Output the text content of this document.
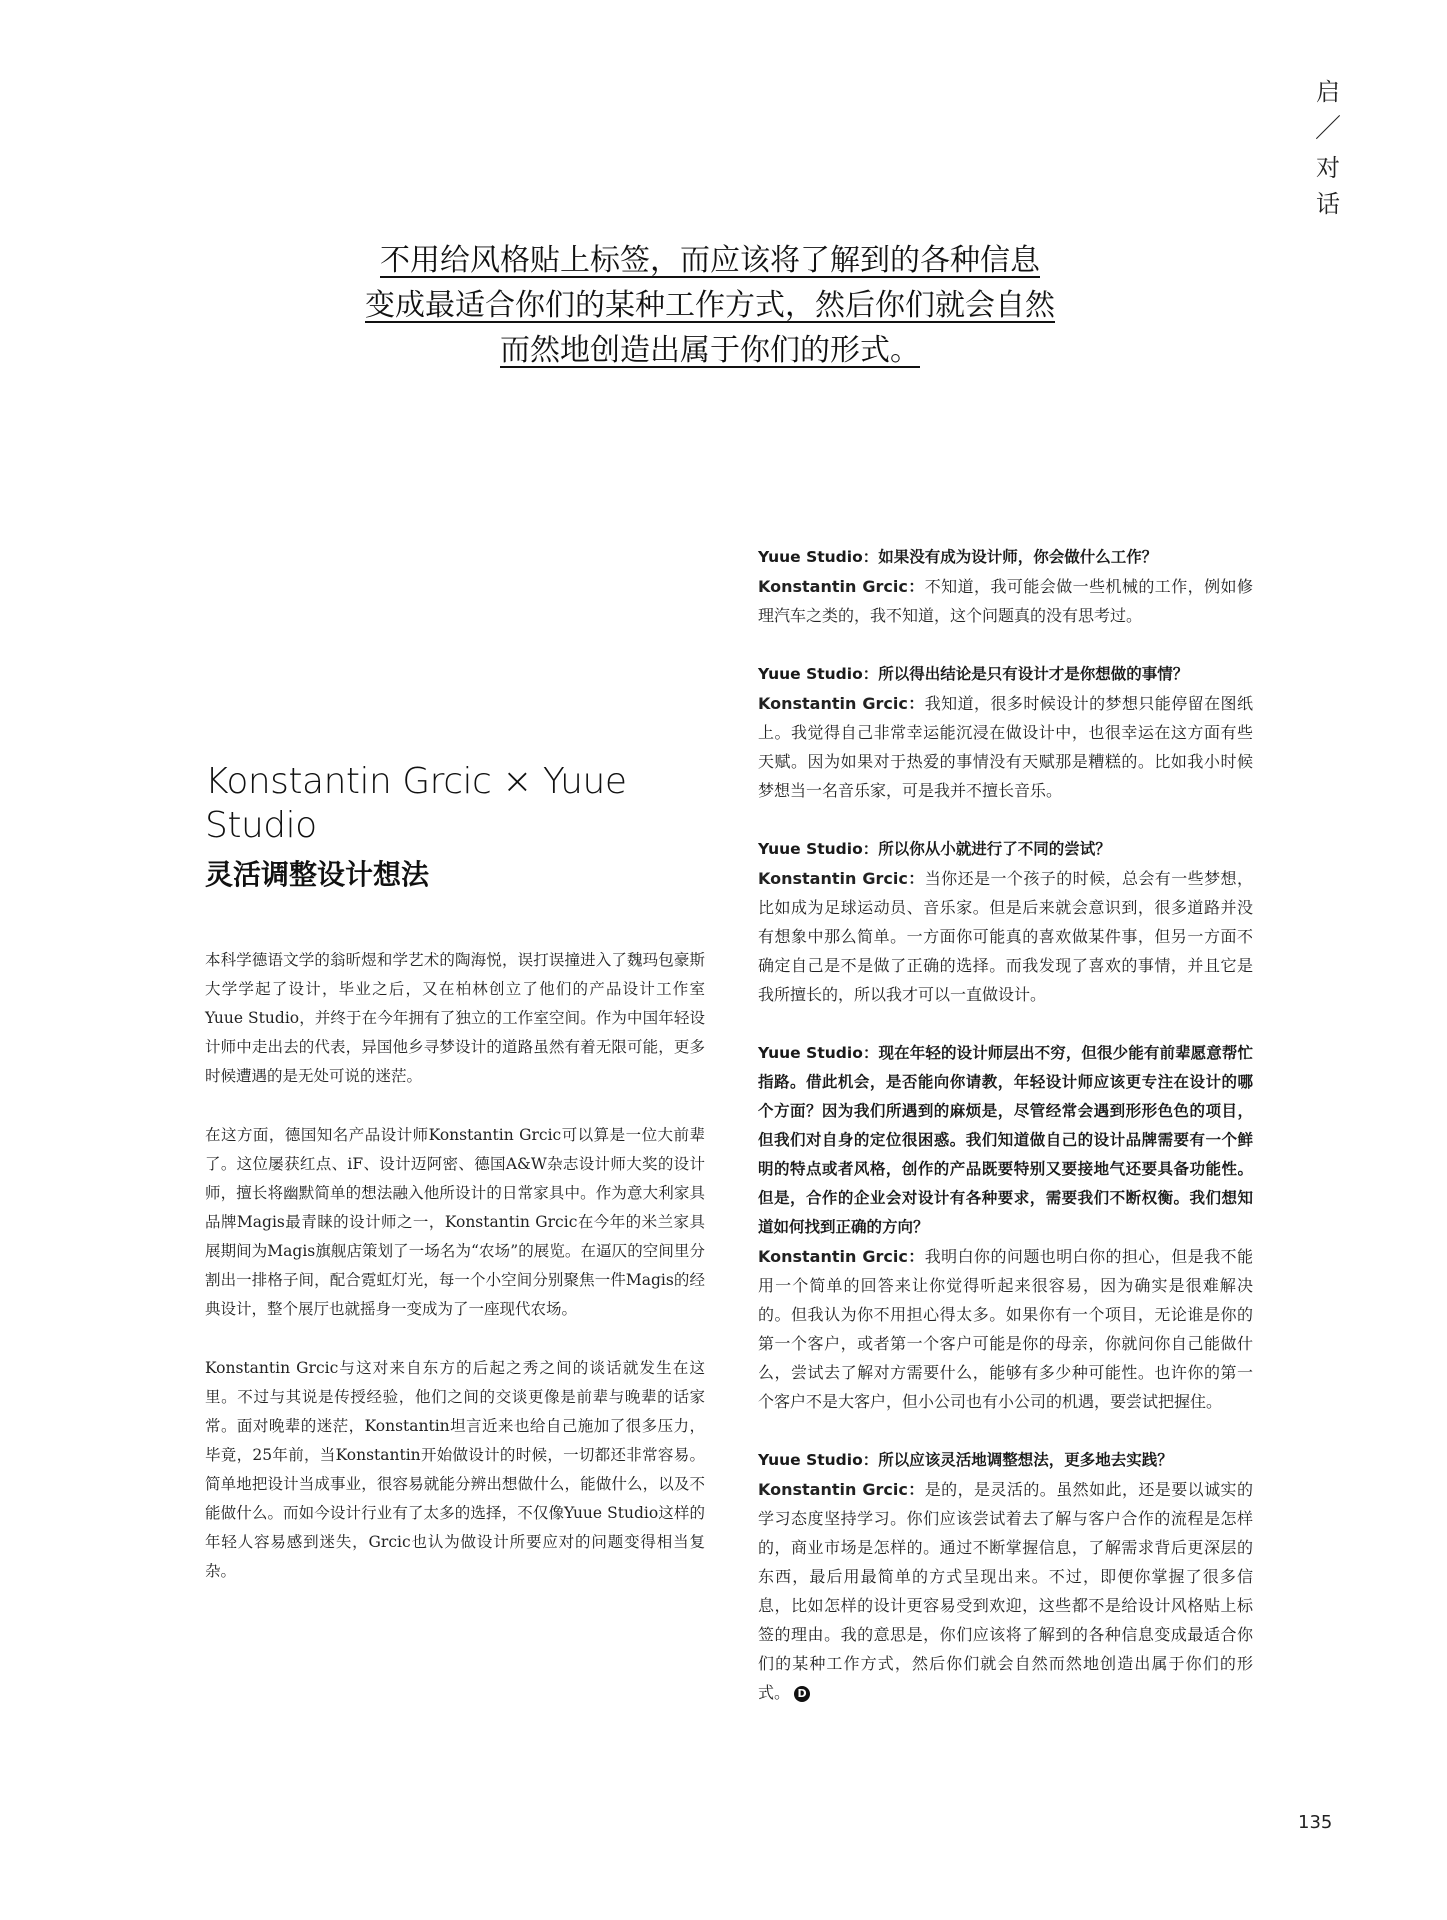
启
／
对
话
不用给风格贴上标签，而应该将了解到的各种信息
变成最适合你们的某种工作方式，然后你们就会自然
而然地创造出属于你们的形式。
Konstantin Grcic × Yuue Studio
灵活调整设计想法

本科学德语文学的翁昕煜和学艺术的陶海悦，误打误撞进入了魏玛包豪斯大学学起了设计，毕业之后，又在柏林创立了他们的产品设计工作室Yuue Studio，并终于在今年拥有了独立的工作室空间。作为中国年轻设计师中走出去的代表，异国他乡寻梦设计的道路虽然有着无限可能，更多时候遭遇的是无处可说的迷茫。

在这方面，德国知名产品设计师Konstantin Grcic可以算是一位大前辈了。这位屡获红点、iF、设计迈阿密、德国A&W杂志设计师大奖的设计师，擅长将幽默简单的想法融入他所设计的日常家具中。作为意大利家具品牌Magis最青睐的设计师之一，Konstantin Grcic在今年的米兰家具展期间为Magis旗舰店策划了一场名为“农场”的展览。在逼仄的空间里分割出一排格子间，配合霓虹灯光，每一个小空间分别聚焦一件Magis的经典设计，整个展厅也就摇身一变成为了一座现代农场。

Konstantin Grcic与这对来自东方的后起之秀之间的谈话就发生在这里。不过与其说是传授经验，他们之间的交谈更像是前辈与晚辈的话家常。面对晚辈的迷茫，Konstantin坦言近来也给自己施加了很多压力，毕竟，25年前，当Konstantin开始做设计的时候，一切都还非常容易。简单地把设计当成事业，很容易就能分辨出想做什么，能做什么，以及不能做什么。而如今设计行业有了太多的选择，不仅像Yuue Studio这样的年轻人容易感到迷失，Grcic也认为做设计所要应对的问题变得相当复杂。

Yuue Studio：如果没有成为设计师，你会做什么工作？

Konstantin Grcic：不知道，我可能会做一些机械的工作，例如修理汽车之类的，我不知道，这个问题真的没有思考过。

Yuue Studio：所以得出结论是只有设计才是你想做的事情？

Konstantin Grcic：我知道，很多时候设计的梦想只能停留在图纸上。我觉得自己非常幸运能沉浸在做设计中，也很幸运在这方面有些天赋。因为如果对于热爱的事情没有天赋那是糟糕的。比如我小时候梦想当一名音乐家，可是我并不擅长音乐。

Yuue Studio：所以你从小就进行了不同的尝试？

Konstantin Grcic：当你还是一个孩子的时候，总会有一些梦想，比如成为足球运动员、音乐家。但是后来就会意识到，很多道路并没有想象中那么简单。一方面你可能真的喜欢做某件事，但另一方面不确定自己是不是做了正确的选择。而我发现了喜欢的事情，并且它是我所擅长的，所以我才可以一直做设计。

Yuue Studio：现在年轻的设计师层出不穷，但很少能有前辈愿意帮忙指路。借此机会，是否能向你请教，年轻设计师应该更专注在设计的哪个方面？因为我们所遇到的麻烦是，尽管经常会遇到形形色色的项目，但我们对自身的定位很困惑。我们知道做自己的设计品牌需要有一个鲜明的特点或者风格，创作的产品既要特别又要接地气还要具备功能性。但是，合作的企业会对设计有各种要求，需要我们不断权衡。我们想知道如何找到正确的方向？

Konstantin Grcic：我明白你的问题也明白你的担心，但是我不能用一个简单的回答来让你觉得听起来很容易，因为确实是很难解决的。但我认为你不用担心得太多。如果你有一个项目，无论谁是你的第一个客户，或者第一个客户可能是你的母亲，你就问你自己能做什么，尝试去了解对方需要什么，能够有多少种可能性。也许你的第一个客户不是大客户，但小公司也有小公司的机遇，要尝试把握住。

Yuue Studio：所以应该灵活地调整想法，更多地去实践？

Konstantin Grcic：是的，是灵活的。虽然如此，还是要以诚实的学习态度坚持学习。你们应该尝试着去了解与客户合作的流程是怎样的，商业市场是怎样的。通过不断掌握信息，了解需求背后更深层的东西，最后用最简单的方式呈现出来。不过，即便你掌握了很多信息，比如怎样的设计更容易受到欢迎，这些都不是给设计风格贴上标签的理由。我的意思是，你们应该将了解到的各种信息变成最适合你们的某种工作方式，然后你们就会自然而然地创造出属于你们的形式。 D

135
